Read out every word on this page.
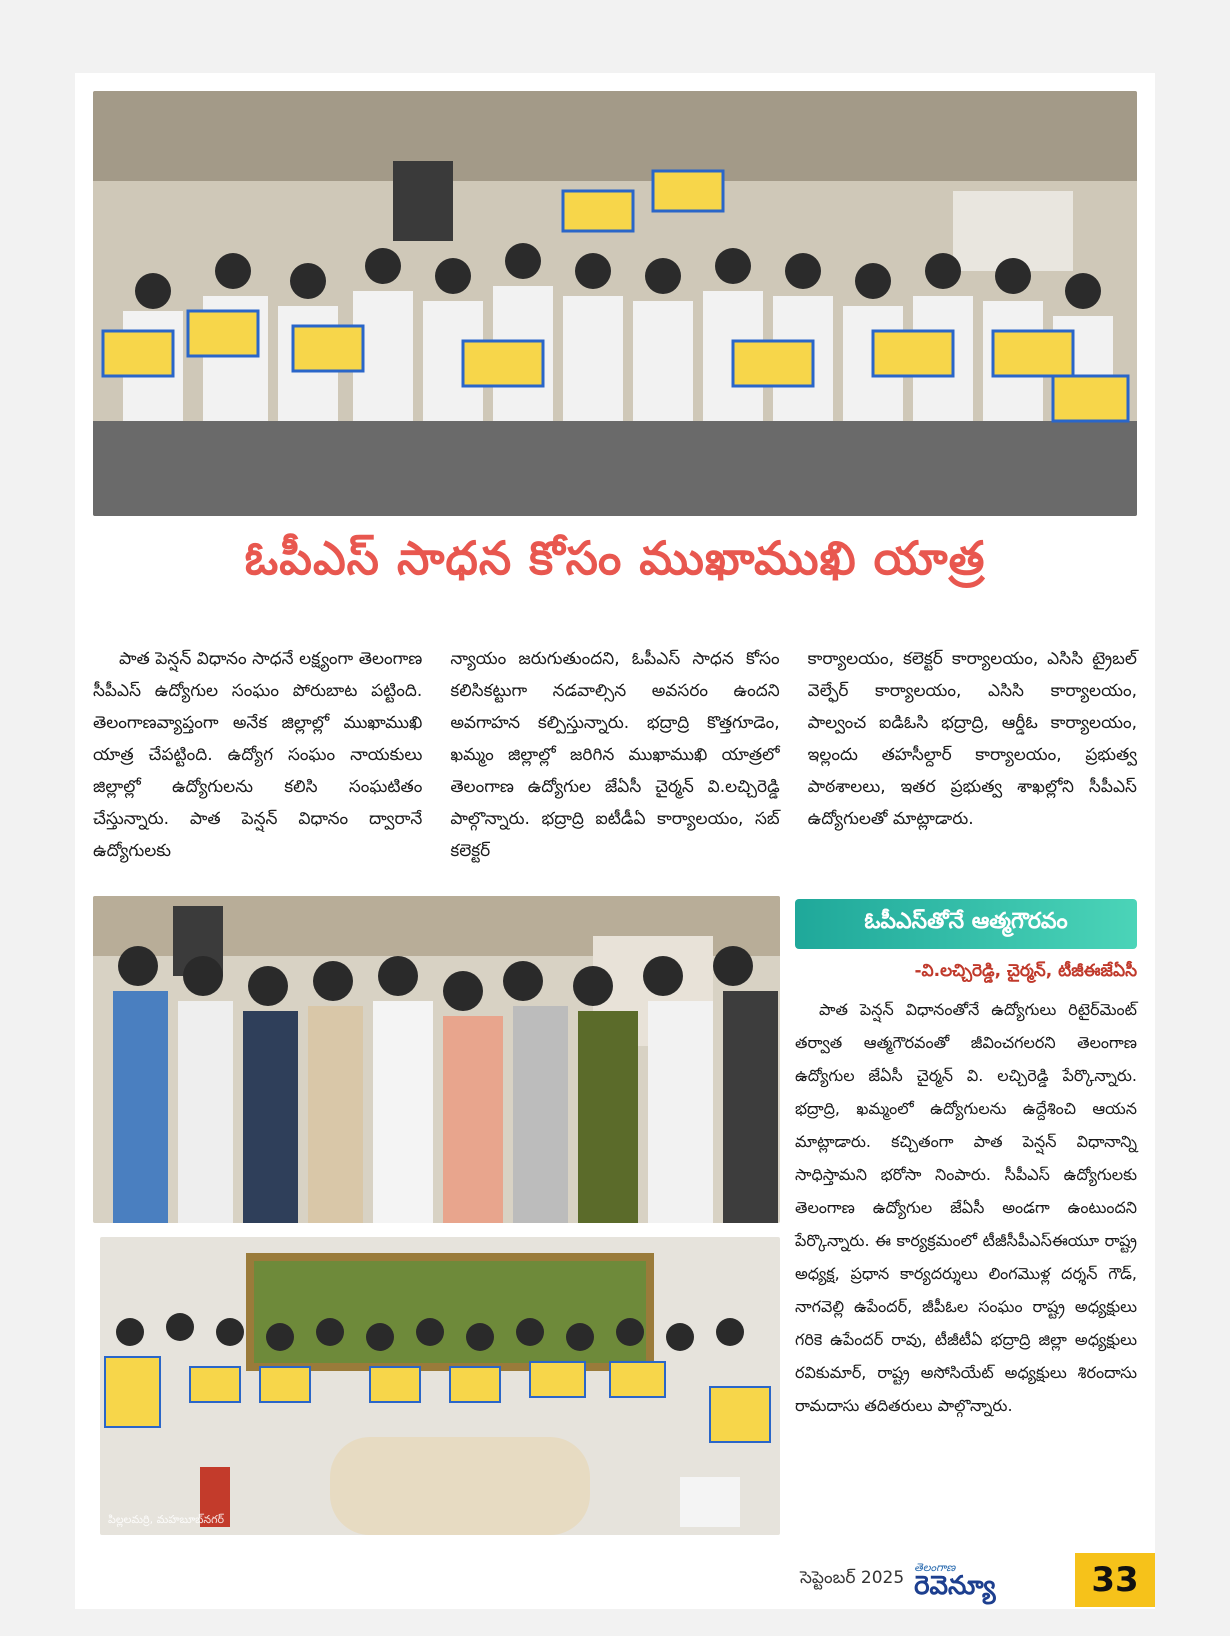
ఓపీఎస్ సాధన కోసం ముఖాముఖి యాత్ర

పాత పెన్షన్ విధానం సాధనే లక్ష్యంగా తెలంగాణ సీపీఎస్ ఉద్యోగుల సంఘం పోరుబాట పట్టింది. తెలంగాణవ్యాప్తంగా అనేక జిల్లాల్లో ముఖాముఖి యాత్ర చేపట్టింది. ఉద్యోగ సంఘం నాయకులు జిల్లాల్లో ఉద్యోగులను కలిసి సంఘటితం చేస్తున్నారు. పాత పెన్షన్ విధానం ద్వారానే ఉద్యోగులకు

న్యాయం జరుగుతుందని, ఓపీఎస్ సాధన కోసం కలిసికట్టుగా నడవాల్సిన అవసరం ఉందని అవగాహన కల్పిస్తున్నారు. భద్రాద్రి కొత్తగూడెం, ఖమ్మం జిల్లాల్లో జరిగిన ముఖాముఖి యాత్రలో తెలంగాణ ఉద్యోగుల జేఏసీ చైర్మన్ వి.లచ్చిరెడ్డి పాల్గొన్నారు. భద్రాద్రి ఐటీడీఏ కార్యాలయం, సబ్ కలెక్టర్

కార్యాలయం, కలెక్టర్ కార్యాలయం, ఎసిసి ట్రైబల్ వెల్ఫేర్ కార్యాలయం, ఎసిసి కార్యాలయం, పాల్వంచ ఐడిఓసి భద్రాద్రి, ఆర్డీఓ కార్యాలయం, ఇల్లందు తహసీల్దార్ కార్యాలయం, ప్రభుత్వ పాఠశాలలు, ఇతర ప్రభుత్వ శాఖల్లోని సీపీఎస్ ఉద్యోగులతో మాట్లాడారు.

పిల్లలమర్రి, మహబూబ్‌నగర్
ఓపీఎస్‌తోనే ఆత్మగౌరవం
-వి.లచ్చిరెడ్డి, చైర్మన్, టీజీఈజేఏసీ

పాత పెన్షన్ విధానంతోనే ఉద్యోగులు రిటైర్‌మెంట్ తర్వాత ఆత్మగౌరవంతో జీవించగలరని తెలంగాణ ఉద్యోగుల జేఏసీ చైర్మన్ వి. లచ్చిరెడ్డి పేర్కొన్నారు. భద్రాద్రి, ఖమ్మంలో ఉద్యోగులను ఉద్దేశించి ఆయన మాట్లాడారు. కచ్చితంగా పాత పెన్షన్ విధానాన్ని సాధిస్తామని భరోసా నింపారు. సీపీఎస్ ఉద్యోగులకు తెలంగాణ ఉద్యోగుల జేఏసీ అండగా ఉంటుందని పేర్కొన్నారు. ఈ కార్యక్రమంలో టీజీసీపీఎస్‌ఈయూ రాష్ట్ర అధ్యక్ష, ప్రధాన కార్యదర్శులు లింగమొళ్ల దర్శన్ గౌడ్, నాగవెల్లి ఉపేందర్, జీపీఓల సంఘం రాష్ట్ర అధ్యక్షులు గరికె ఉపేందర్ రావు, టీజీటీఏ భద్రాద్రి జిల్లా అధ్యక్షులు రవికుమార్, రాష్ట్ర అసోసియేట్ అధ్యక్షులు శిరందాసు రామదాసు తదితరులు పాల్గొన్నారు.

సెప్టెంబర్ 2025
తెలంగాణ
రెవెన్యూ	33
